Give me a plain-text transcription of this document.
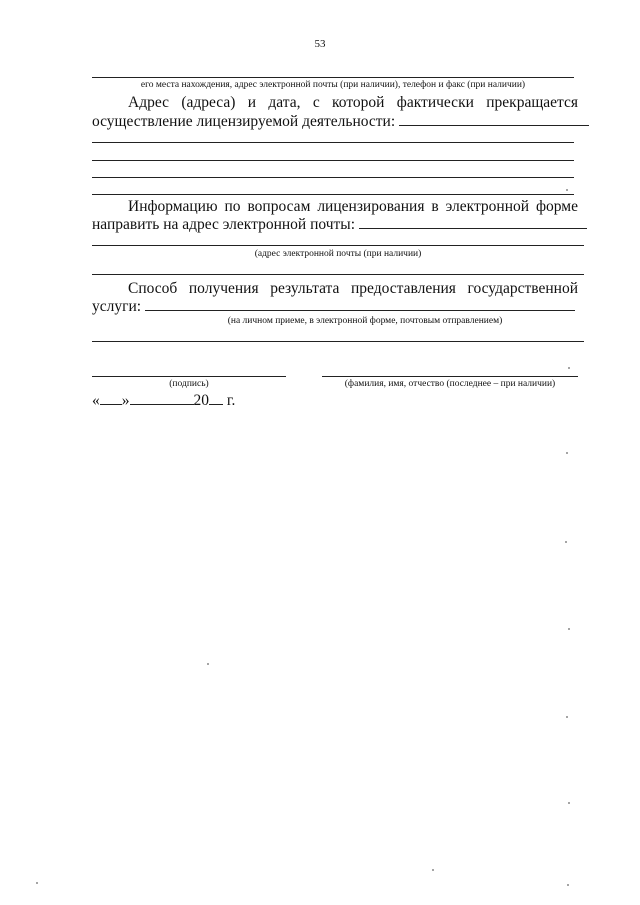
53
его места нахождения, адрес электронной почты (при наличии), телефон и факс (при наличии)
Адрес (адреса) и дата, с которой фактически прекращается
осуществление лицензируемой деятельности:
Информацию по вопросам лицензирования в электронной форме
направить на адрес электронной почты:
(адрес электронной почты (при наличии)
Способ получения результата предоставления государственной
услуги:
(на личном приеме, в электронной форме, почтовым отправлением)
(подпись)	(фамилия, имя, отчество (последнее – при наличии)
« »	20 г.
